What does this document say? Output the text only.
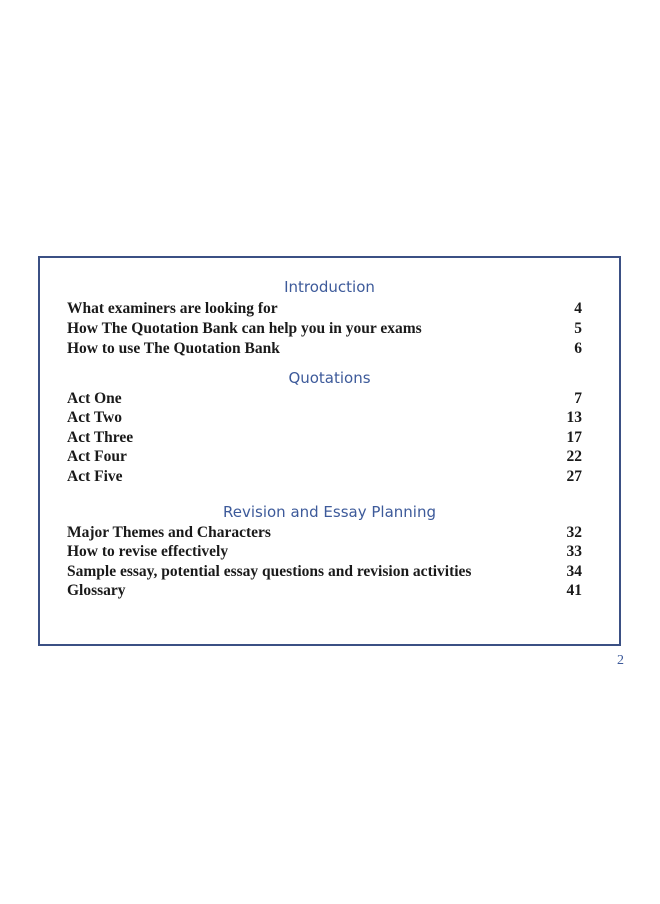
Introduction
What examiners are looking for	4
How The Quotation Bank can help you in your exams	5
How to use The Quotation Bank	6
Quotations
Act One	7
Act Two	13
Act Three	17
Act Four	22
Act Five	27
Revision and Essay Planning
Major Themes and Characters	32
How to revise effectively	33
Sample essay, potential essay questions and revision activities	34
Glossary	41
2
